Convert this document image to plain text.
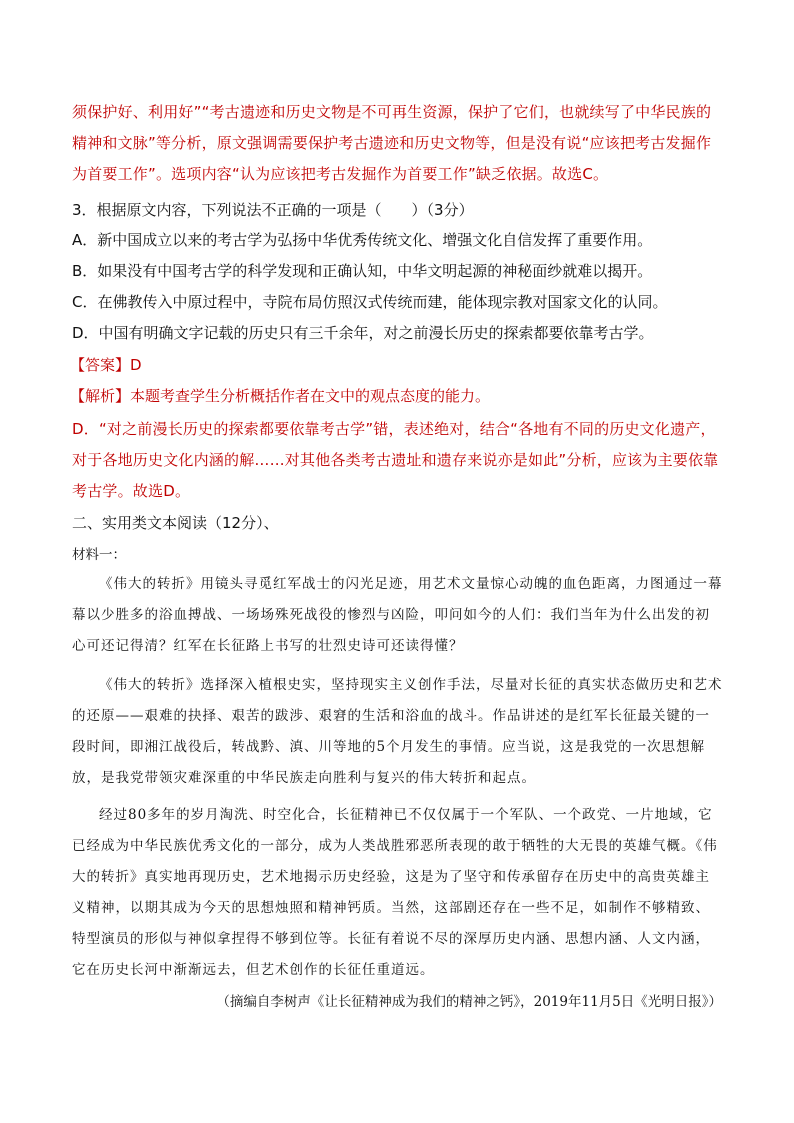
须保护好、利用好”“考古遗迹和历史文物是不可再生资源，保护了它们，也就续写了中华民族的精神和文脉”等分析，原文强调需要保护考古遗迹和历史文物等，但是没有说“应该把考古发掘作为首要工作”。选项内容“认为应该把考古发掘作为首要工作”缺乏依据。故选C。
3．根据原文内容，下列说法不正确的一项是（　　）（3分）
A．新中国成立以来的考古学为弘扬中华优秀传统文化、增强文化自信发挥了重要作用。
B．如果没有中国考古学的科学发现和正确认知，中华文明起源的神秘面纱就难以揭开。
C．在佛教传入中原过程中，寺院布局仿照汉式传统而建，能体现宗教对国家文化的认同。
D．中国有明确文字记载的历史只有三千余年，对之前漫长历史的探索都要依靠考古学。
【答案】D
【解析】本题考查学生分析概括作者在文中的观点态度的能力。
D．“对之前漫长历史的探索都要依靠考古学”错，表述绝对，结合“各地有不同的历史文化遗产，对于各地历史文化内涵的解……对其他各类考古遗址和遗存来说亦是如此”分析，应该为主要依靠考古学。故选D。
二、实用类文本阅读（12分）、
材料一：
《伟大的转折》用镜头寻觅红军战士的闪光足迹，用艺术文量惊心动魄的血色距离，力图通过一幕幕以少胜多的浴血搏战、一场场殊死战役的惨烈与凶险，叩问如今的人们：我们当年为什么出发的初心可还记得清？红军在长征路上书写的壮烈史诗可还读得懂？
《伟大的转折》选择深入植根史实，坚持现实主义创作手法，尽量对长征的真实状态做历史和艺术的还原——艰难的抉择、艰苦的跋涉、艰窘的生活和浴血的战斗。作品讲述的是红军长征最关键的一段时间，即湘江战役后，转战黔、滇、川等地的5个月发生的事情。应当说，这是我党的一次思想解放，是我党带领灾难深重的中华民族走向胜利与复兴的伟大转折和起点。
经过80多年的岁月淘洗、时空化合，长征精神已不仅仅属于一个军队、一个政党、一片地域，它已经成为中华民族优秀文化的一部分，成为人类战胜邪恶所表现的敢于牺牲的大无畏的英雄气概。《伟大的转折》真实地再现历史，艺术地揭示历史经验，这是为了坚守和传承留存在历史中的高贵英雄主义精神，以期其成为今天的思想烛照和精神钙质。当然，这部剧还存在一些不足，如制作不够精致、特型演员的形似与神似拿捏得不够到位等。长征有着说不尽的深厚历史内涵、思想内涵、人文内涵，它在历史长河中渐渐远去，但艺术创作的长征任重道远。
（摘编自李树声《让长征精神成为我们的精神之钙》，2019年11月5日《光明日报》）
